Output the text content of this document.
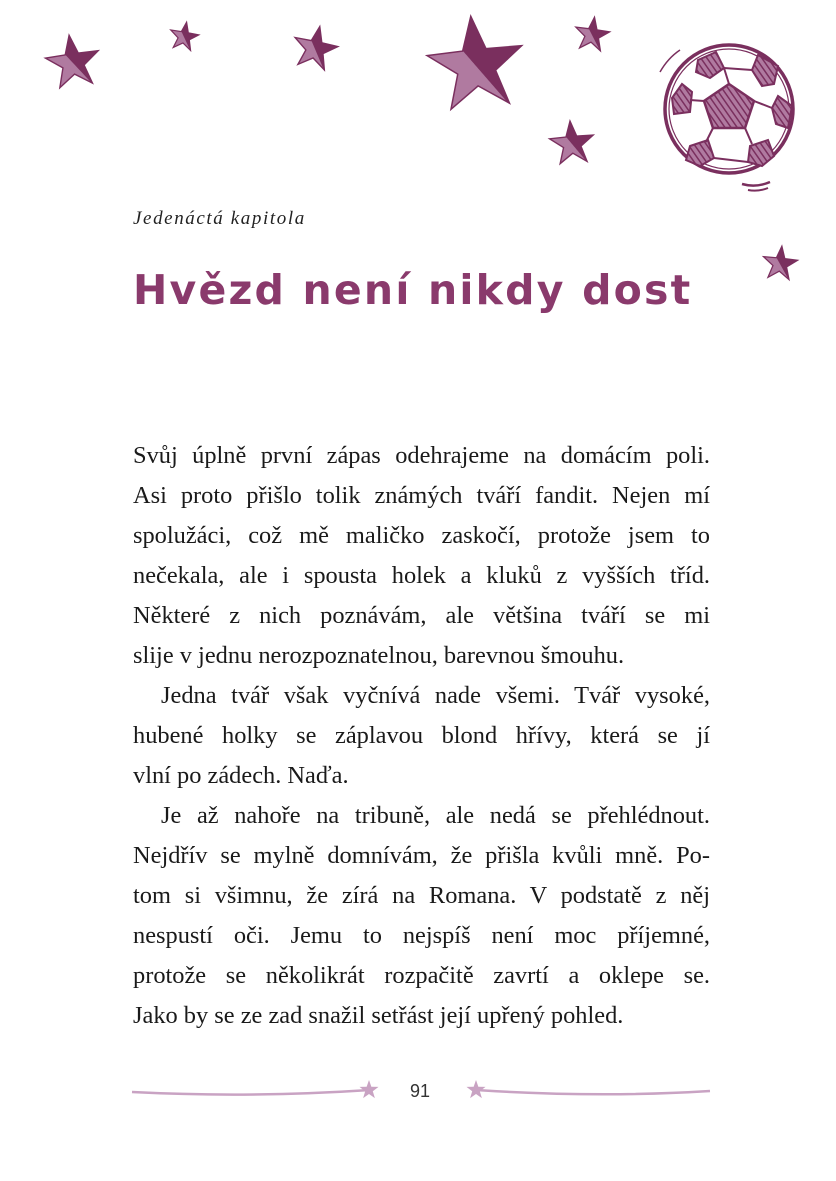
Jedenáctá kapitola
Hvězd není nikdy dost
Svůj úplně první zápas odehrajeme na domácím poli.
Asi proto přišlo tolik známých tváří fandit. Nejen mí
spolužáci, což mě maličko zaskočí, protože jsem to
nečekala, ale i spousta holek a kluků z vyšších tříd.
Některé z nich poznávám, ale většina tváří se mi
slije v jednu nerozpoznatelnou, barevnou šmouhu.
Jedna tvář však vyčnívá nade všemi. Tvář vysoké,
hubené holky se záplavou blond hřívy, která se jí
vlní po zádech. Naďa.
Je až nahoře na tribuně, ale nedá se přehlédnout.
Nejdřív se mylně domnívám, že přišla kvůli mně. Po-
tom si všimnu, že zírá na Romana. V podstatě z něj
nespustí oči. Jemu to nejspíš není moc příjemné,
protože se několikrát rozpačitě zavrtí a oklepe se.
Jako by se ze zad snažil setřást její upřený pohled.
91
